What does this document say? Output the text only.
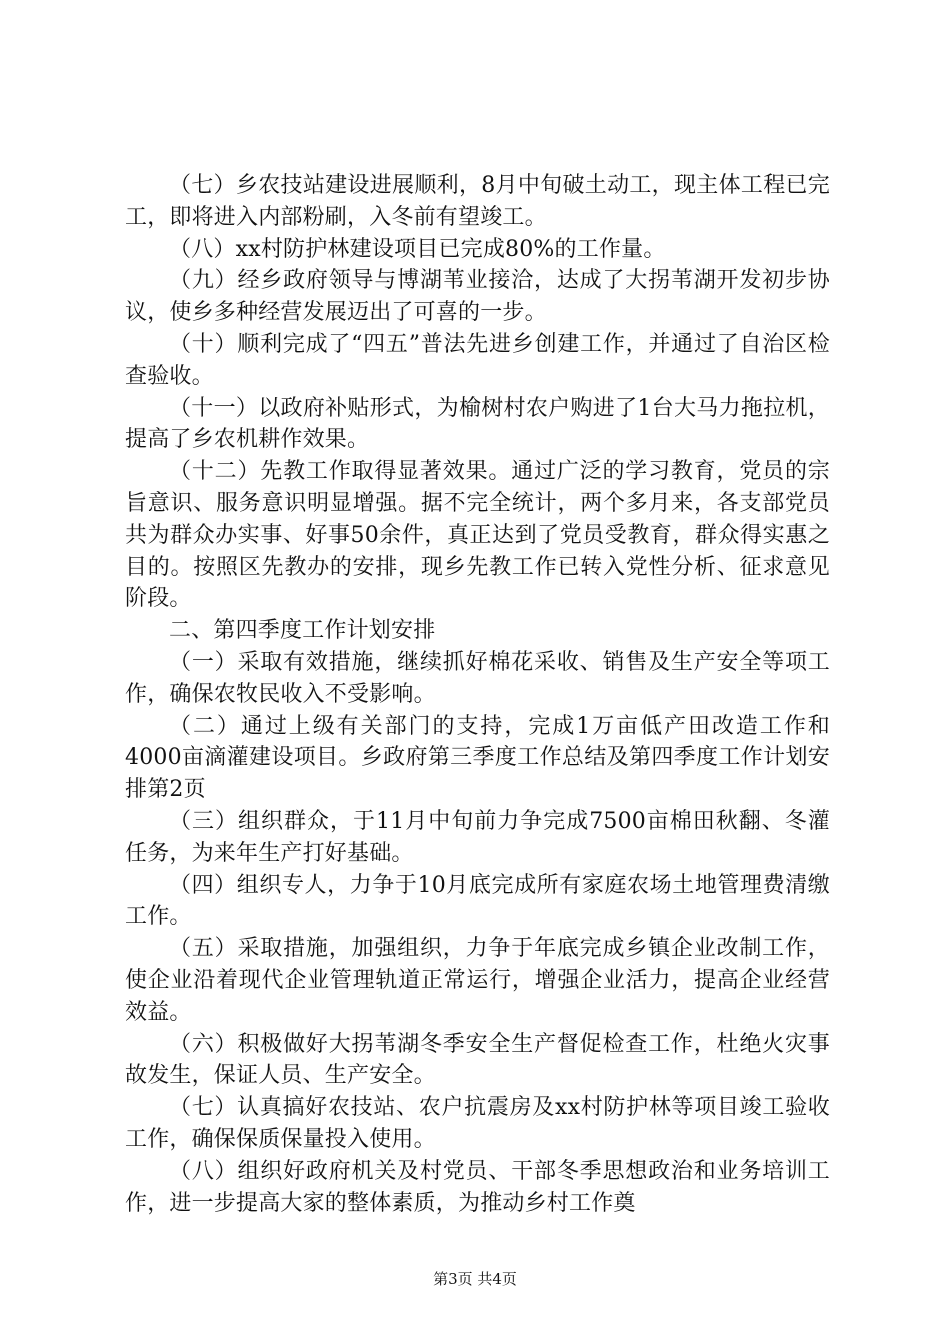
（七）乡农技站建设进展顺利，8月中旬破土动工，现主体工程已完工，即将进入内部粉刷，入冬前有望竣工。

（八）xx村防护林建设项目已完成80%的工作量。

（九）经乡政府领导与博湖苇业接洽，达成了大拐苇湖开发初步协议，使乡多种经营发展迈出了可喜的一步。

（十）顺利完成了“四五”普法先进乡创建工作，并通过了自治区检查验收。

（十一）以政府补贴形式，为榆树村农户购进了1台大马力拖拉机，提高了乡农机耕作效果。

（十二）先教工作取得显著效果。通过广泛的学习教育，党员的宗旨意识、服务意识明显增强。据不完全统计，两个多月来，各支部党员共为群众办实事、好事50余件，真正达到了党员受教育，群众得实惠之目的。按照区先教办的安排，现乡先教工作已转入党性分析、征求意见阶段。

二、第四季度工作计划安排

（一）采取有效措施，继续抓好棉花采收、销售及生产安全等项工作，确保农牧民收入不受影响。

（二）通过上级有关部门的支持，完成1万亩低产田改造工作和4000亩滴灌建设项目。乡政府第三季度工作总结及第四季度工作计划安排第2页

（三）组织群众，于11月中旬前力争完成7500亩棉田秋翻、冬灌任务，为来年生产打好基础。

（四）组织专人，力争于10月底完成所有家庭农场土地管理费清缴工作。

（五）采取措施，加强组织，力争于年底完成乡镇企业改制工作，使企业沿着现代企业管理轨道正常运行，增强企业活力，提高企业经营效益。

（六）积极做好大拐苇湖冬季安全生产督促检查工作，杜绝火灾事故发生，保证人员、生产安全。

（七）认真搞好农技站、农户抗震房及xx村防护林等项目竣工验收工作，确保保质保量投入使用。

（八）组织好政府机关及村党员、干部冬季思想政治和业务培训工作，进一步提高大家的整体素质，为推动乡村工作奠

第3页 共4页
